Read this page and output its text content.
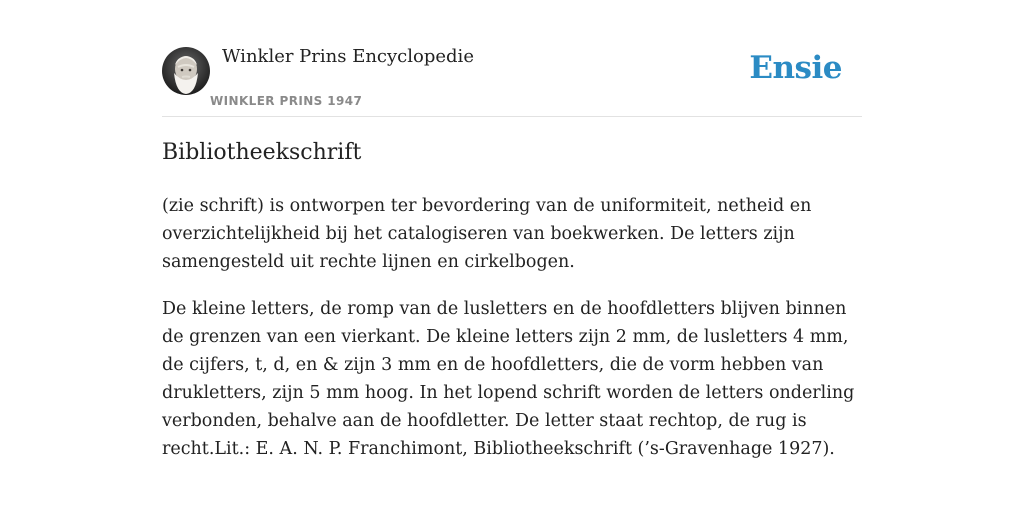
Winkler Prins Encyclopedie
WINKLER PRINS 1947
Ensie
Bibliotheekschrift

(zie schrift) is ontworpen ter bevordering van de uniformiteit, netheid en overzichtelijkheid bij het catalogiseren van boekwerken. De letters zijn samengesteld uit rechte lijnen en cirkelbogen.

De kleine letters, de romp van de lusletters en de hoofdletters blijven binnen de grenzen van een vierkant. De kleine letters zijn 2 mm, de lusletters 4 mm, de cijfers, t, d, en & zijn 3 mm en de hoofdletters, die de vorm hebben van drukletters, zijn 5 mm hoog. In het lopend schrift worden de letters onderling verbonden, behalve aan de hoofdletter. De letter staat rechtop, de rug is recht.Lit.: E. A. N. P. Franchimont, Bibliotheekschrift (’s-Gravenhage 1927).
